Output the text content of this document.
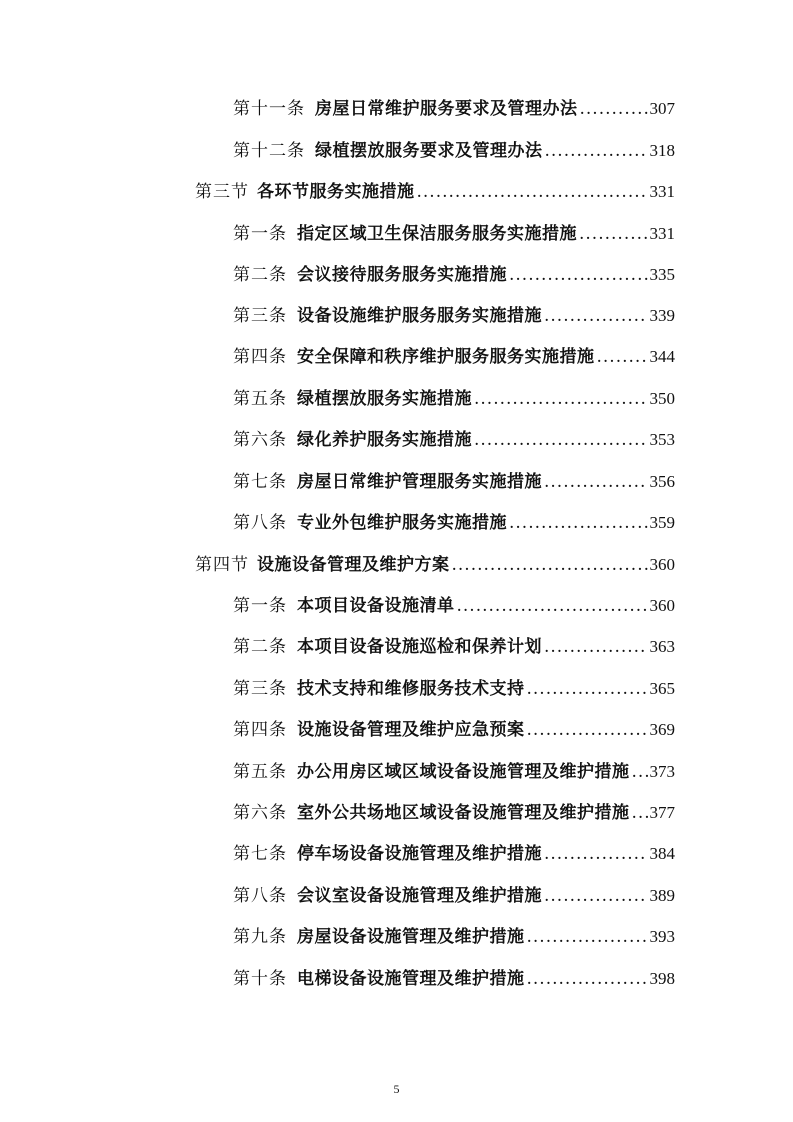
第十一条 房屋日常维护服务要求及管理办法 .....	307
第十二条 绿植摆放服务要求及管理办法 .....	318
第三节 各环节服务实施措施 .....	331
第一条 指定区域卫生保洁服务服务实施措施 .....	331
第二条 会议接待服务服务实施措施 .....	335
第三条 设备设施维护服务服务实施措施 .....	339
第四条 安全保障和秩序维护服务服务实施措施 .....	344
第五条 绿植摆放服务实施措施 .....	350
第六条 绿化养护服务实施措施 .....	353
第七条 房屋日常维护管理服务实施措施 .....	356
第八条 专业外包维护服务实施措施 .....	359
第四节 设施设备管理及维护方案 .....	360
第一条 本项目设备设施清单 .....	360
第二条 本项目设备设施巡检和保养计划 .....	363
第三条 技术支持和维修服务技术支持 .....	365
第四条 设施设备管理及维护应急预案 .....	369
第五条 办公用房区域区域设备设施管理及维护措施 ..... 373
第六条 室外公共场地区域设备设施管理及维护措施 ..... 377
第七条 停车场设备设施管理及维护措施 .....	384
第八条 会议室设备设施管理及维护措施 .....	389
第九条 房屋设备设施管理及维护措施 .....	393
第十条 电梯设备设施管理及维护措施 .....	398
5
